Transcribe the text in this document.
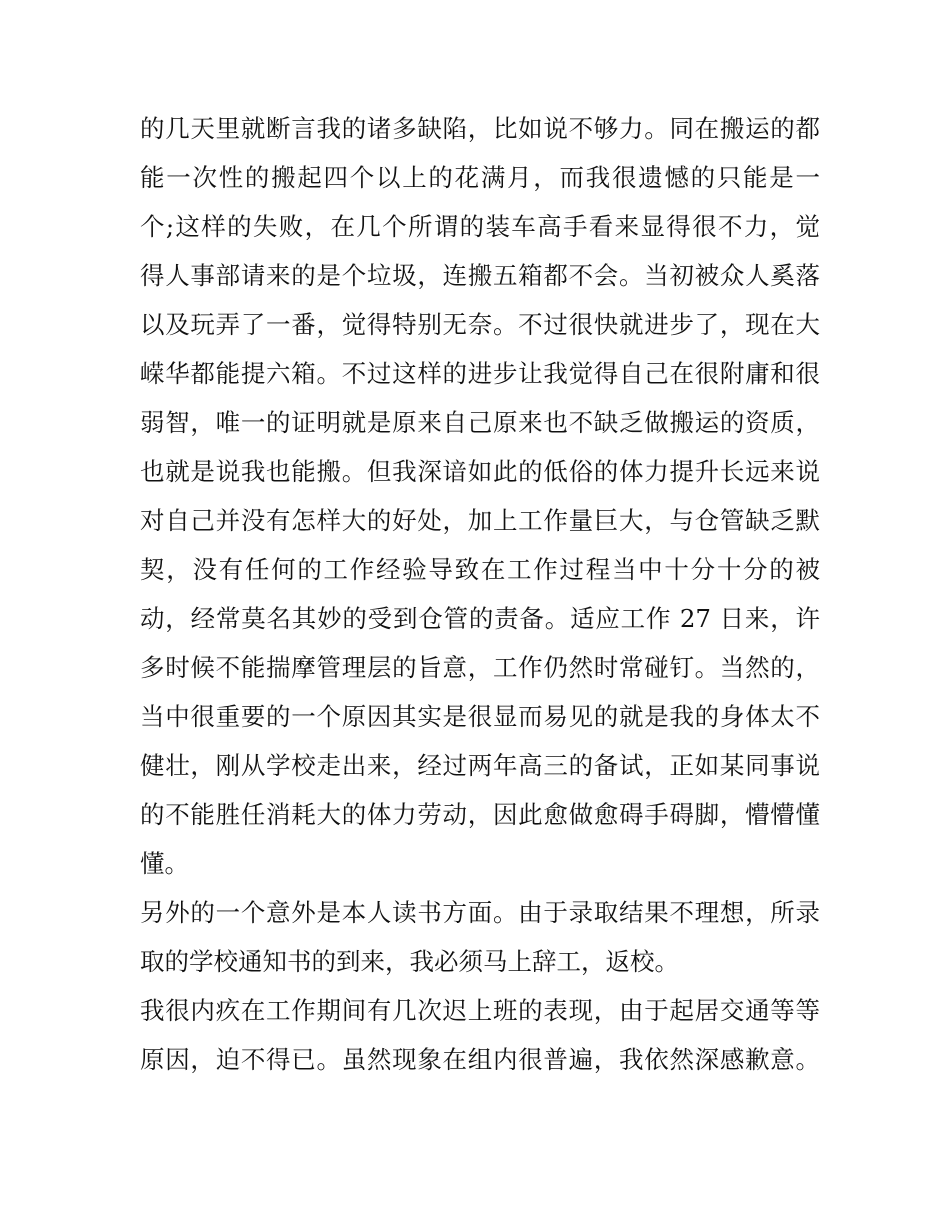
的几天里就断言我的诸多缺陷，比如说不够力。同在搬运的都
能一次性的搬起四个以上的花满月，而我很遗憾的只能是一
个;这样的失败，在几个所谓的装车高手看来显得很不力，觉
得人事部请来的是个垃圾，连搬五箱都不会。当初被众人奚落
以及玩弄了一番，觉得特别无奈。不过很快就进步了，现在大
嵘华都能提六箱。不过这样的进步让我觉得自己在很附庸和很
弱智，唯一的证明就是原来自己原来也不缺乏做搬运的资质，
也就是说我也能搬。但我深谙如此的低俗的体力提升长远来说
对自己并没有怎样大的好处，加上工作量巨大，与仓管缺乏默
契，没有任何的工作经验导致在工作过程当中十分十分的被
动，经常莫名其妙的受到仓管的责备。适应工作 27 日来，许
多时候不能揣摩管理层的旨意，工作仍然时常碰钉。当然的，
当中很重要的一个原因其实是很显而易见的就是我的身体太不
健壮，刚从学校走出来，经过两年高三的备试，正如某同事说
的不能胜任消耗大的体力劳动，因此愈做愈碍手碍脚，懵懵懂
懂。
另外的一个意外是本人读书方面。由于录取结果不理想，所录
取的学校通知书的到来，我必须马上辞工，返校。
我很内疚在工作期间有几次迟上班的表现，由于起居交通等等
原因，迫不得已。虽然现象在组内很普遍，我依然深感歉意。
